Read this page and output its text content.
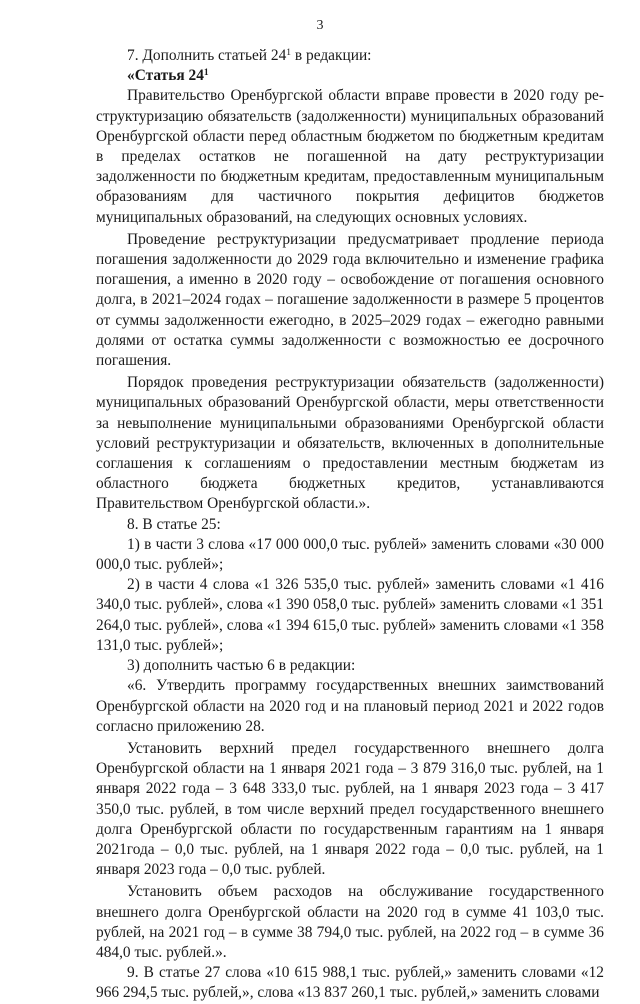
3

7. Дополнить статьей $24^1$ в редакции:

«Статья $24^1$

Правительство Оренбургской области вправе провести в 2020 году реструктуризацию обязательств (задолженности) муниципальных образований Оренбургской области перед областным бюджетом по бюджетным кредитам в пределах остатков не погашенной на дату реструктуризации задолженности по бюджетным кредитам, предоставленным муниципальным образованиям для частичного покрытия дефицитов бюджетов муниципальных образований, на следующих основных условиях.

Проведение реструктуризации предусматривает продление периода погашения задолженности до 2029 года включительно и изменение графика погашения, а именно в 2020 году – освобождение от погашения основного долга, в 2021–2024 годах – погашение задолженности в размере 5 процентов от суммы задолженности ежегодно, в 2025–2029 годах – ежегодно равными долями от остатка суммы задолженности с возможностью ее досрочного погашения.

Порядок проведения реструктуризации обязательств (задолженности) муниципальных образований Оренбургской области, меры ответственности за невыполнение муниципальными образованиями Оренбургской области условий реструктуризации и обязательств, включенных в дополнительные соглашения к соглашениям о предоставлении местным бюджетам из областного бюджета бюджетных кредитов, устанавливаются Правительством Оренбургской области.».

8. В статье 25:

1) в части 3 слова «17 000 000,0 тыс. рублей» заменить словами «30 000 000,0 тыс. рублей»;

2) в части 4 слова «1 326 535,0 тыс. рублей» заменить словами «1 416 340,0 тыс. рублей», слова «1 390 058,0 тыс. рублей» заменить словами «1 351 264,0 тыс. рублей», слова «1 394 615,0 тыс. рублей» заменить словами «1 358 131,0 тыс. рублей»;

3) дополнить частью 6 в редакции:

«6. Утвердить программу государственных внешних заимствований Оренбургской области на 2020 год и на плановый период 2021 и 2022 годов согласно приложению 28.

Установить верхний предел государственного внешнего долга Оренбургской области на 1 января 2021 года – 3 879 316,0 тыс. рублей, на 1 января 2022 года – 3 648 333,0 тыс. рублей, на 1 января 2023 года – 3 417 350,0 тыс. рублей, в том числе верхний предел государственного внешнего долга Оренбургской области по государственным гарантиям на 1 января 2021года – 0,0 тыс. рублей, на 1 января 2022 года – 0,0 тыс. рублей, на 1 января 2023 года – 0,0 тыс. рублей.

Установить объем расходов на обслуживание государственного внешнего долга Оренбургской области на 2020 год в сумме 41 103,0 тыс. рублей, на 2021 год – в сумме 38 794,0 тыс. рублей, на 2022 год – в сумме 36 484,0 тыс. рублей.».

9. В статье 27 слова «10 615 988,1 тыс. рублей,» заменить словами «12 966 294,5 тыс. рублей,», слова «13 837 260,1 тыс. рублей,» заменить словами
